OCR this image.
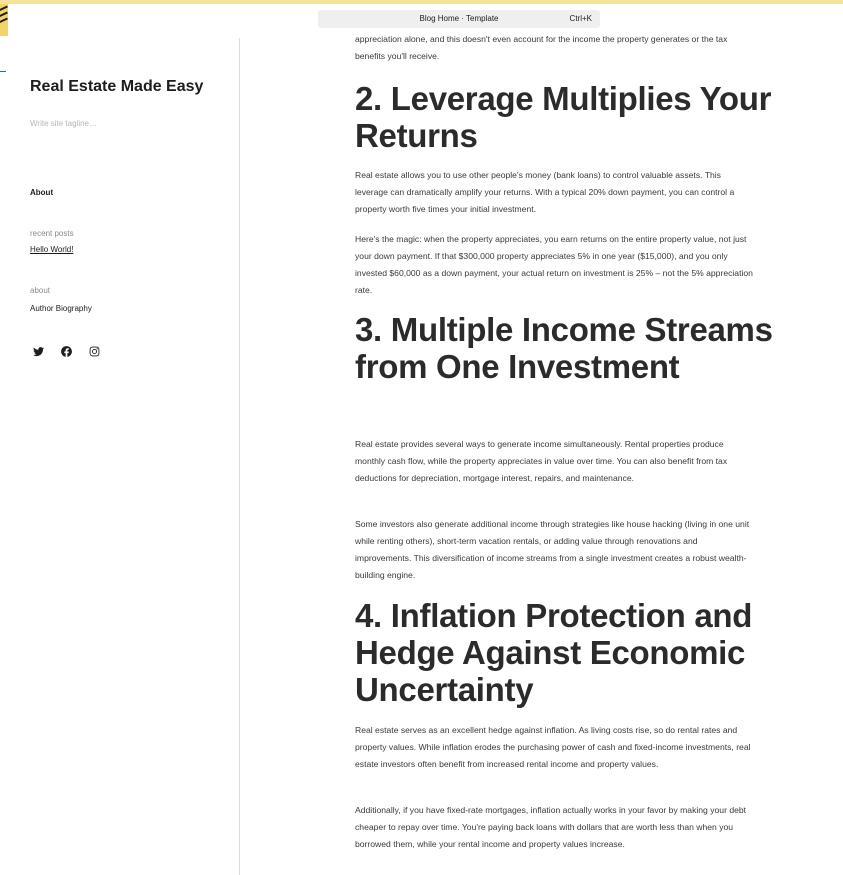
Blog Home · Template	Ctrl+K
Real Estate Made Easy
Write site tagline…
About
recent posts
Hello World!
about
Author Biography
appreciation alone, and this doesn't even account for the income the property generates or the tax benefits you'll receive.
2. Leverage Multiplies Your Returns

Real estate allows you to use other people's money (bank loans) to control valuable assets. This leverage can dramatically amplify your returns. With a typical 20% down payment, you can control a property worth five times your initial investment.

Here's the magic: when the property appreciates, you earn returns on the entire property value, not just your down payment. If that $300,000 property appreciates 5% in one year ($15,000), and you only invested $60,000 as a down payment, your actual return on investment is 25% – not the 5% appreciation rate.

3. Multiple Income Streams from One Investment

Real estate provides several ways to generate income simultaneously. Rental properties produce monthly cash flow, while the property appreciates in value over time. You can also benefit from tax deductions for depreciation, mortgage interest, repairs, and maintenance.

Some investors also generate additional income through strategies like house hacking (living in one unit while renting others), short-term vacation rentals, or adding value through renovations and improvements. This diversification of income streams from a single investment creates a robust wealth-building engine.

4. Inflation Protection and Hedge Against Economic Uncertainty

Real estate serves as an excellent hedge against inflation. As living costs rise, so do rental rates and property values. While inflation erodes the purchasing power of cash and fixed-income investments, real estate investors often benefit from increased rental income and property values.

Additionally, if you have fixed-rate mortgages, inflation actually works in your favor by making your debt cheaper to repay over time. You're paying back loans with dollars that are worth less than when you borrowed them, while your rental income and property values increase.
